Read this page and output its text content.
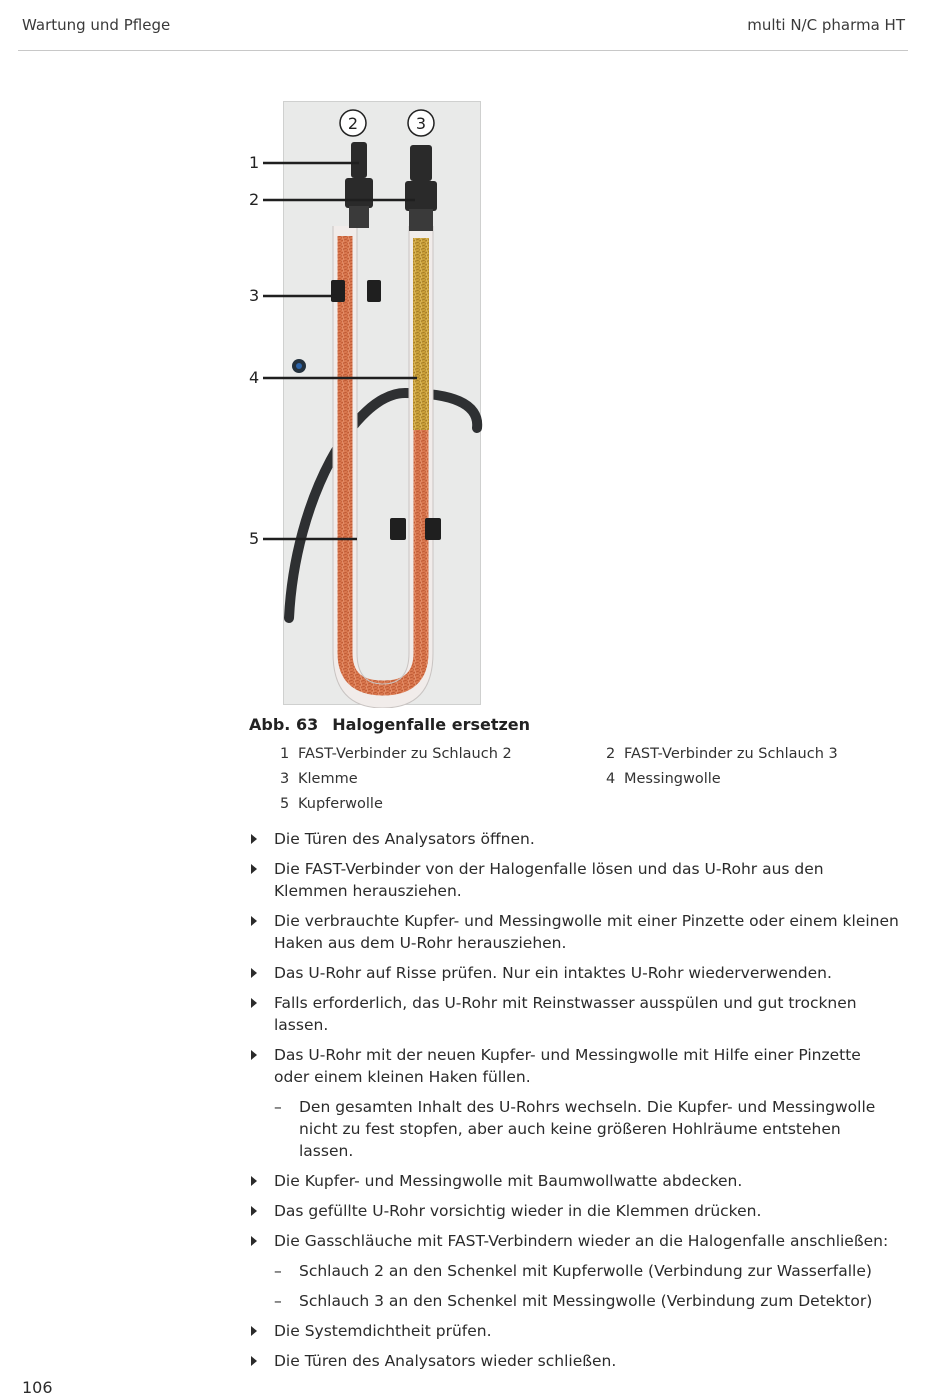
Wartung und Pflege	multi N/C pharma HT
2	3
1
2
3
4
5
Abb. 63 Halogenfalle ersetzen
1 FAST-Verbinder zu Schlauch 2	2 FAST-Verbinder zu Schlauch 3
3 Klemme	4 Messingwolle
5 Kupferwolle
Die Türen des Analysators öffnen.
Die FAST-Verbinder von der Halogenfalle lösen und das U-Rohr aus den Klemmen herausziehen.
Die verbrauchte Kupfer- und Messingwolle mit einer Pinzette oder einem kleinen Haken aus dem U-Rohr herausziehen.
Das U-Rohr auf Risse prüfen. Nur ein intaktes U-Rohr wiederverwenden.
Falls erforderlich, das U-Rohr mit Reinstwasser ausspülen und gut trocknen lassen.
Das U-Rohr mit der neuen Kupfer- und Messingwolle mit Hilfe einer Pinzette oder einem kleinen Haken füllen.
– Den gesamten Inhalt des U-Rohrs wechseln. Die Kupfer- und Messingwolle nicht zu fest stopfen, aber auch keine größeren Hohlräume entstehen lassen.
Die Kupfer- und Messingwolle mit Baumwollwatte abdecken.
Das gefüllte U-Rohr vorsichtig wieder in die Klemmen drücken.
Die Gasschläuche mit FAST-Verbindern wieder an die Halogenfalle anschließen:
– Schlauch 2 an den Schenkel mit Kupferwolle (Verbindung zur Wasserfalle)
– Schlauch 3 an den Schenkel mit Messingwolle (Verbindung zum Detektor)
Die Systemdichtheit prüfen.
Die Türen des Analysators wieder schließen.
106
